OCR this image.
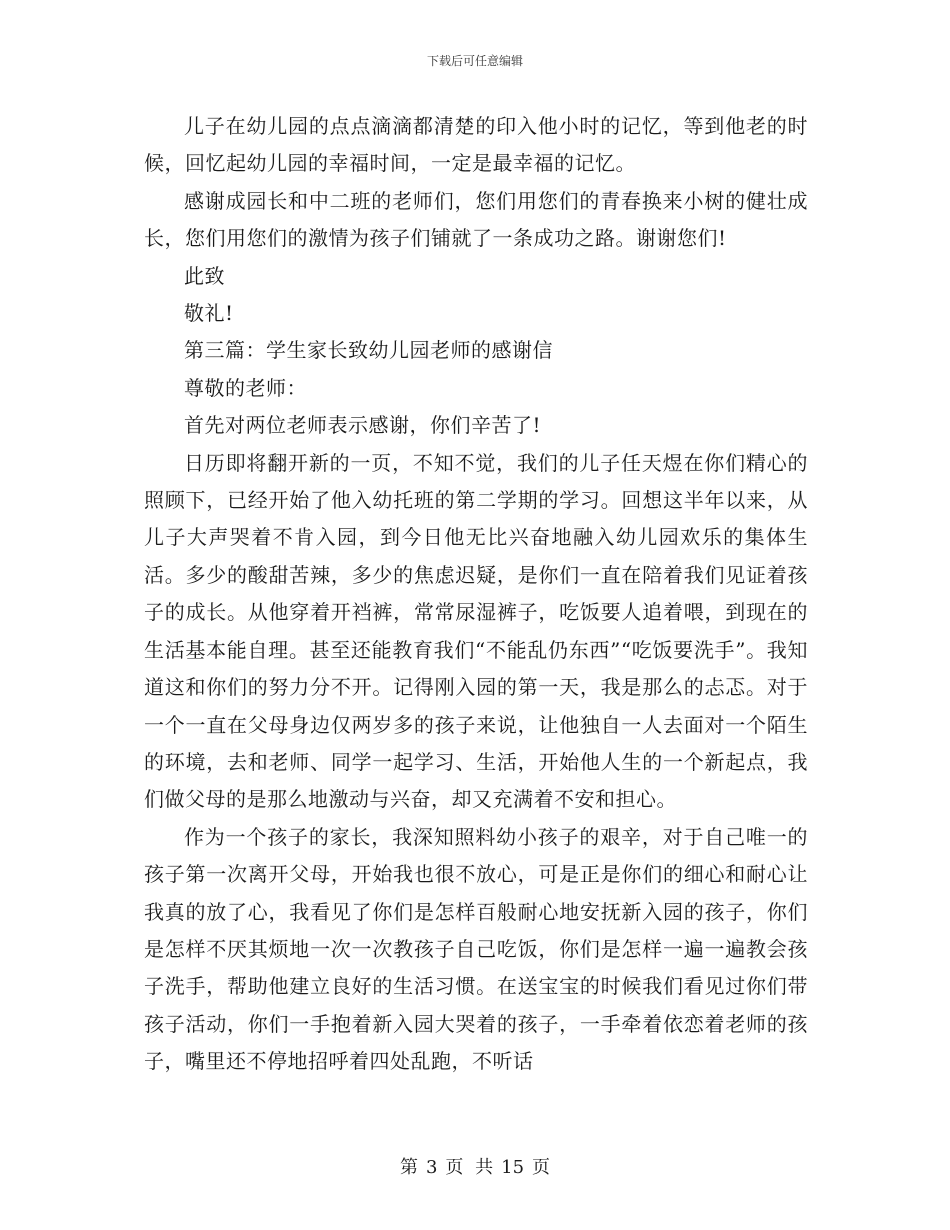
下载后可任意编辑

儿子在幼儿园的点点滴滴都清楚的印入他小时的记忆，等到他老的时候，回忆起幼儿园的幸福时间，一定是最幸福的记忆。

感谢成园长和中二班的老师们，您们用您们的青春换来小树的健壮成长，您们用您们的激情为孩子们铺就了一条成功之路。谢谢您们!

此致

敬礼!

第三篇：学生家长致幼儿园老师的感谢信

尊敬的老师：

首先对两位老师表示感谢，你们辛苦了!

日历即将翻开新的一页，不知不觉，我们的儿子任天煜在你们精心的照顾下，已经开始了他入幼托班的第二学期的学习。回想这半年以来，从儿子大声哭着不肯入园，到今日他无比兴奋地融入幼儿园欢乐的集体生活。多少的酸甜苦辣，多少的焦虑迟疑，是你们一直在陪着我们见证着孩子的成长。从他穿着开裆裤，常常尿湿裤子，吃饭要人追着喂，到现在的生活基本能自理。甚至还能教育我们“不能乱仍东西”“吃饭要洗手”。我知道这和你们的努力分不开。记得刚入园的第一天，我是那么的忐忑。对于一个一直在父母身边仅两岁多的孩子来说，让他独自一人去面对一个陌生的环境，去和老师、同学一起学习、生活，开始他人生的一个新起点，我们做父母的是那么地激动与兴奋，却又充满着不安和担心。

作为一个孩子的家长，我深知照料幼小孩子的艰辛，对于自己唯一的孩子第一次离开父母，开始我也很不放心，可是正是你们的细心和耐心让我真的放了心，我看见了你们是怎样百般耐心地安抚新入园的孩子，你们是怎样不厌其烦地一次一次教孩子自己吃饭，你们是怎样一遍一遍教会孩子洗手，帮助他建立良好的生活习惯。在送宝宝的时候我们看见过你们带孩子活动，你们一手抱着新入园大哭着的孩子，一手牵着依恋着老师的孩子，嘴里还不停地招呼着四处乱跑，不听话

第 3 页 共 15 页
